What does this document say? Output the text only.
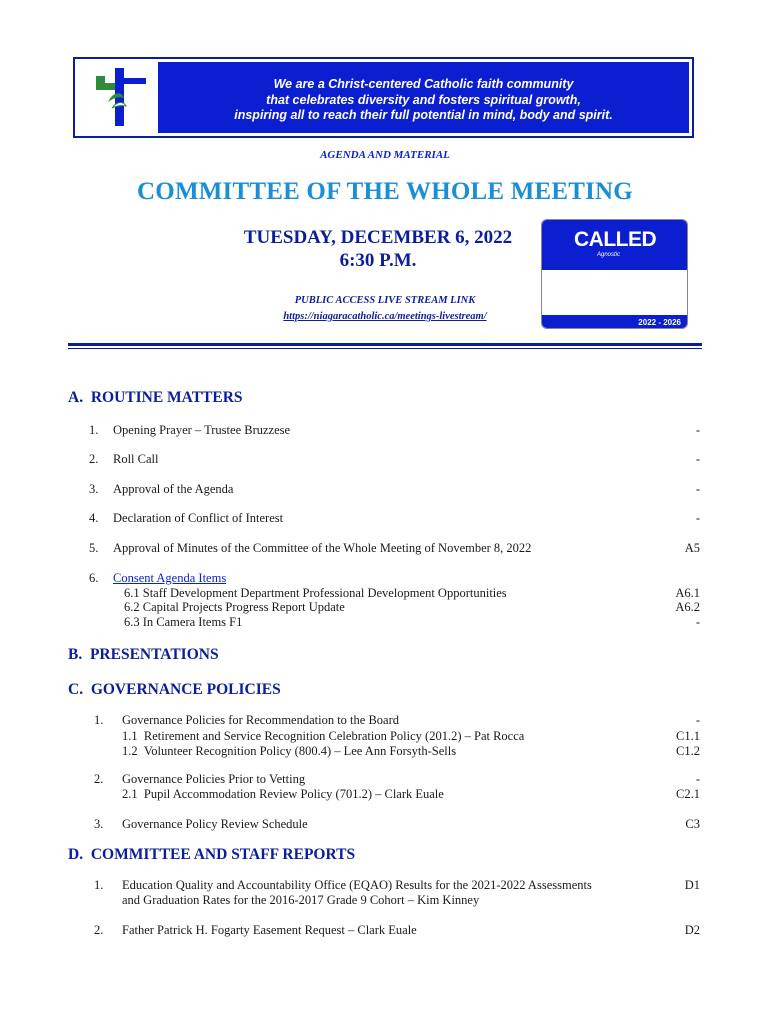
We are a Christ-centered Catholic faith community
that celebrates diversity and fosters spiritual growth,
inspiring all to reach their full potential in mind, body and spirit.
AGENDA AND MATERIAL
COMMITTEE OF THE WHOLE MEETING
TUESDAY, DECEMBER 6, 2022
6:30 P.M.
PUBLIC ACCESS LIVE STREAM LINK
https://niagaracatholic.ca/meetings-livestream/
CALLED
Agnostic
2022 - 2026
A. ROUTINE MATTERS
1. Opening Prayer – Trustee Bruzzese	-
2. Roll Call	-
3. Approval of the Agenda	-
4. Declaration of Conflict of Interest	-
5. Approval of Minutes of the Committee of the Whole Meeting of November 8, 2022	A5
6. Consent Agenda Items
6.1 Staff Development Department Professional Development Opportunities	A6.1
6.2 Capital Projects Progress Report Update	A6.2
6.3 In Camera Items F1	-
B. PRESENTATIONS
C. GOVERNANCE POLICIES
1. Governance Policies for Recommendation to the Board	-
1.1 Retirement and Service Recognition Celebration Policy (201.2) – Pat Rocca	C1.1
1.2 Volunteer Recognition Policy (800.4) – Lee Ann Forsyth-Sells	C1.2
2. Governance Policies Prior to Vetting	-
2.1 Pupil Accommodation Review Policy (701.2) – Clark Euale	C2.1
3. Governance Policy Review Schedule	C3
D. COMMITTEE AND STAFF REPORTS
1. Education Quality and Accountability Office (EQAO) Results for the 2021-2022 Assessments	D1
and Graduation Rates for the 2016-2017 Grade 9 Cohort – Kim Kinney
2. Father Patrick H. Fogarty Easement Request – Clark Euale	D2
